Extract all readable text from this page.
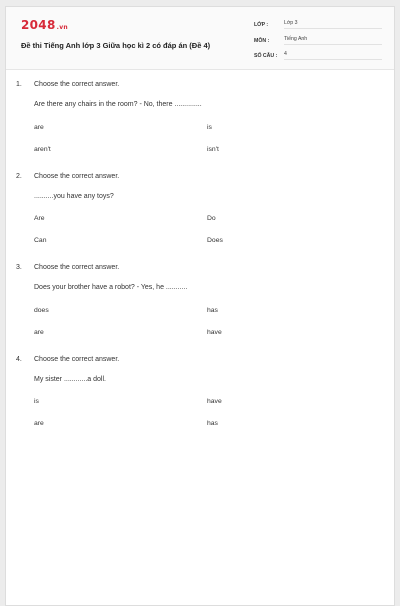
2048.vn
Đề thi Tiếng Anh lớp 3 Giữa học kì 2 có đáp án (Đề 4)
LỚP :	Lớp 3
MÔN :	Tiếng Anh
SỐ CÂU :	4
1. Choose the correct answer.
Are there any chairs in the room? - No, there ..............
are	is
aren't	isn't
2. Choose the correct answer.
..........you have any toys?
Are	Do
Can	Does
3. Choose the correct answer.
Does your brother have a robot? - Yes, he ...........
does	has
are	have
4. Choose the correct answer.
My sister ............a doll.
is	have
are	has
